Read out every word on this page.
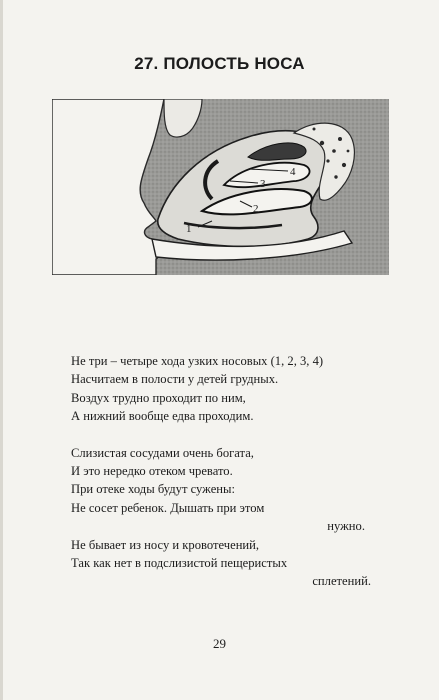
27. ПОЛОСТЬ НОСА
1
2
3
4
Не три – четыре хода узких носовых (1, 2, 3, 4)
Насчитаем в полости у детей грудных.
Воздух трудно проходит по ним,
А нижний вообще едва проходим.
Слизистая сосудами очень богата,
И это нередко отеком чревато.
При отеке ходы будут сужены:
Не сосет ребенок. Дышать при этом
нужно.
Не бывает из носу и кровотечений,
Так как нет в подслизистой пещеристых
сплетений.
29
